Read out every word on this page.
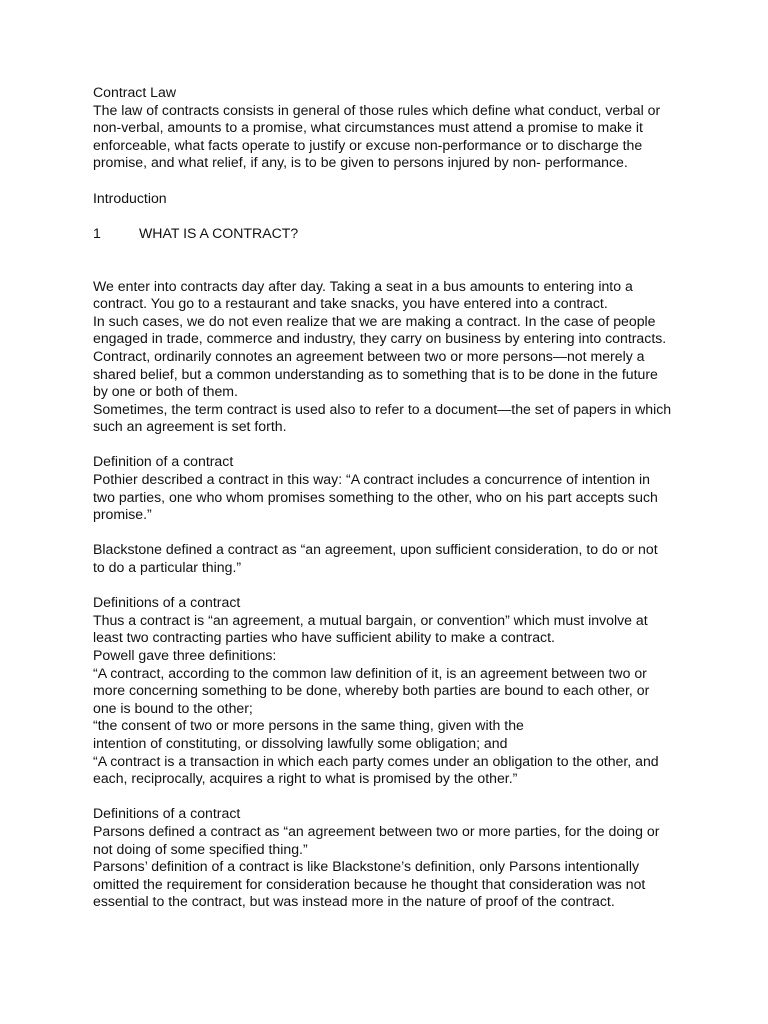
Contract Law
The law of contracts consists in general of those rules which define what conduct, verbal or
non-verbal, amounts to a promise, what circumstances must attend a promise to make it
enforceable, what facts operate to justify or excuse non-performance or to discharge the
promise, and what relief, if any, is to be given to persons injured by non- performance.
Introduction
1	WHAT IS A CONTRACT?
We enter into contracts day after day. Taking a seat in a bus amounts to entering into a
contract. You go to a restaurant and take snacks, you have entered into a contract.
In such cases, we do not even realize that we are making a contract. In the case of people
engaged in trade, commerce and industry, they carry on business by entering into contracts.
Contract, ordinarily connotes an agreement between two or more persons—not merely a
shared belief, but a common understanding as to something that is to be done in the future
by one or both of them.
Sometimes, the term contract is used also to refer to a document—the set of papers in which
such an agreement is set forth.
Definition of a contract
Pothier described a contract in this way: “A contract includes a concurrence of intention in
two parties, one who whom promises something to the other, who on his part accepts such
promise.”
Blackstone defined a contract as “an agreement, upon sufficient consideration, to do or not
to do a particular thing.”
Definitions of a contract
Thus a contract is “an agreement, a mutual bargain, or convention” which must involve at
least two contracting parties who have sufficient ability to make a contract.
Powell gave three definitions:
“A contract, according to the common law definition of it, is an agreement between two or
more concerning something to be done, whereby both parties are bound to each other, or
one is bound to the other;
“the consent of two or more persons in the same thing, given with the
intention of constituting, or dissolving lawfully some obligation; and
“A contract is a transaction in which each party comes under an obligation to the other, and
each, reciprocally, acquires a right to what is promised by the other.”
Definitions of a contract
Parsons defined a contract as “an agreement between two or more parties, for the doing or
not doing of some specified thing.”
Parsons’ definition of a contract is like Blackstone’s definition, only Parsons intentionally
omitted the requirement for consideration because he thought that consideration was not
essential to the contract, but was instead more in the nature of proof of the contract.
